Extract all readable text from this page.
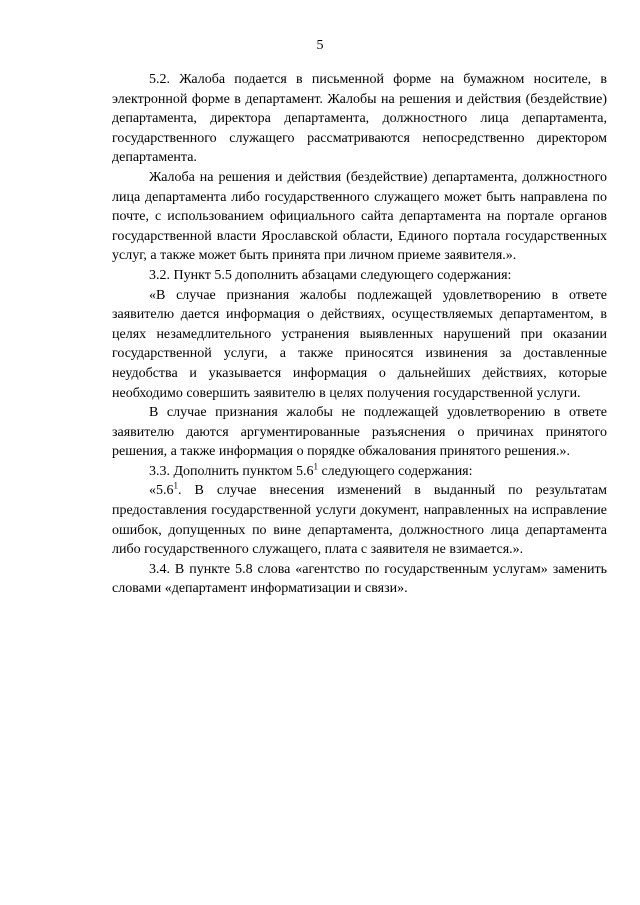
5

5.2. Жалоба подается в письменной форме на бумажном носителе, в электронной форме в департамент. Жалобы на решения и действия (бездействие) департамента, директора департамента, должностного лица департамента, государственного служащего рассматриваются непосредственно директором департамента.

Жалоба на решения и действия (бездействие) департамента, должностного лица департамента либо государственного служащего может быть направлена по почте, с использованием официального сайта департамента на портале органов государственной власти Ярославской области, Единого портала государственных услуг, а также может быть принята при личном приеме заявителя.».

3.2. Пункт 5.5 дополнить абзацами следующего содержания:

«В случае признания жалобы подлежащей удовлетворению в ответе заявителю дается информация о действиях, осуществляемых департаментом, в целях незамедлительного устранения выявленных нарушений при оказании государственной услуги, а также приносятся извинения за доставленные неудобства и указывается информация о дальнейших действиях, которые необходимо совершить заявителю в целях получения государственной услуги.

В случае признания жалобы не подлежащей удовлетворению в ответе заявителю даются аргументированные разъяснения о причинах принятого решения, а также информация о порядке обжалования принятого решения.».

3.3. Дополнить пунктом $5.6^1$ следующего содержания:

«$5.6^1$. В случае внесения изменений в выданный по результатам предоставления государственной услуги документ, направленных на исправление ошибок, допущенных по вине департамента, должностного лица департамента либо государственного служащего, плата с заявителя не взимается.».

3.4. В пункте 5.8 слова «агентство по государственным услугам» заменить словами «департамент информатизации и связи».
